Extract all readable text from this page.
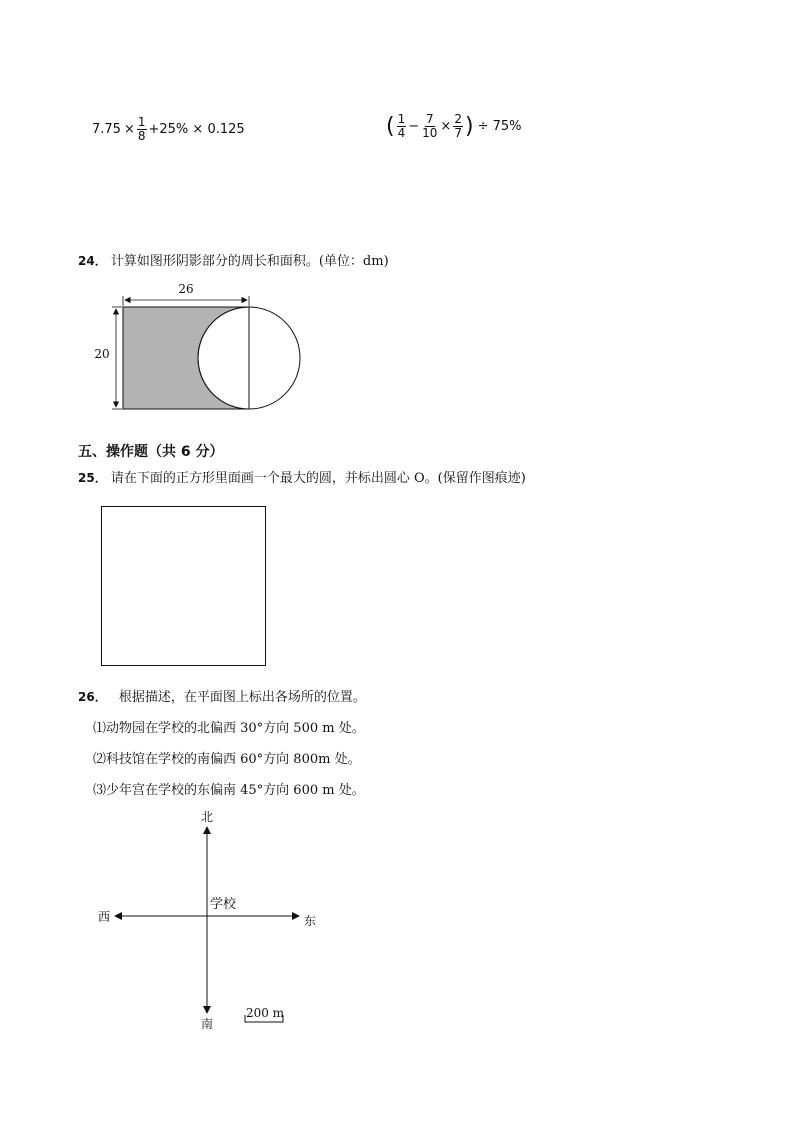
$7.75 \times \frac{1}{8} +25\% \times 0.125$	( $\frac{1}{4} - \frac{7}{10} \times \frac{2}{7}$ ) ÷ 75%
24． 计算如图形阴影部分的周长和面积。(单位：dm)
26
20
五、操作题（共 6 分）
25． 请在下面的正方形里面画一个最大的圆，并标出圆心 O。(保留作图痕迹)
26． 根据描述，在平面图上标出各场所的位置。
⑴动物园在学校的北偏西 30°方向 500 m 处。
⑵科技馆在学校的南偏西 60°方向 800m 处。
⑶少年宫在学校的东偏南 45°方向 600 m 处。
北
南
西	东
学校
200 m
